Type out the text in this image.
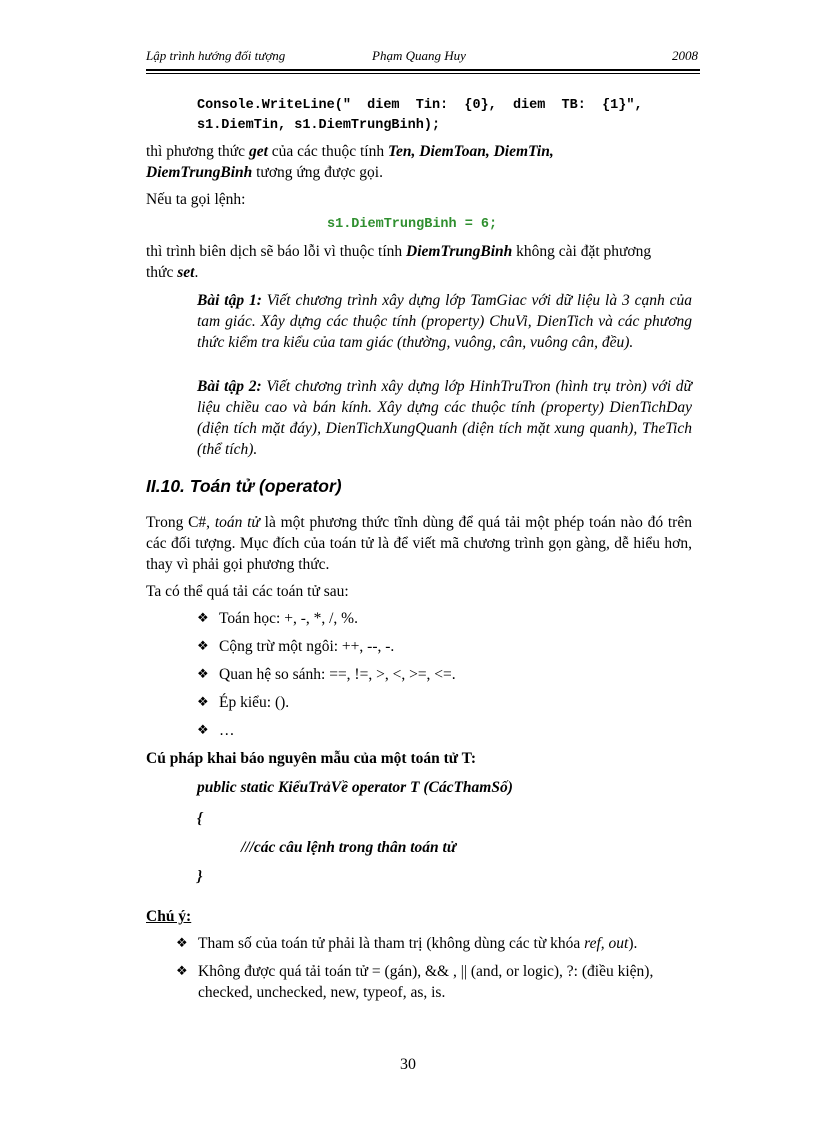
Lập trình hướng đối tượng	Phạm Quang Huy	2008
Console.WriteLine("  diem  Tin:  {0},  diem  TB:  {1}",
s1.DiemTin, s1.DiemTrungBinh);
thì phương thức get của các thuộc tính Ten, DiemToan, DiemTin,
DiemTrungBinh tương ứng được gọi.
Nếu ta gọi lệnh:
s1.DiemTrungBinh = 6;
thì trình biên dịch sẽ báo lỗi vì thuộc tính DiemTrungBinh không cài đặt phương
thức set.
Bài tập 1: Viết chương trình xây dựng lớp TamGiac với dữ liệu là 3 cạnh của tam giác. Xây dựng các thuộc tính (property) ChuVi, DienTich và các phương thức kiểm tra kiểu của tam giác (thường, vuông, cân, vuông cân, đều).
Bài tập 2: Viết chương trình xây dựng lớp HinhTruTron (hình trụ tròn) với dữ liệu chiều cao và bán kính. Xây dựng các thuộc tính (property) DienTichDay (diện tích mặt đáy), DienTichXungQuanh (diện tích mặt xung quanh), TheTich (thể tích).
II.10. Toán tử (operator)
Trong C#, toán tử là một phương thức tĩnh dùng để quá tải một phép toán nào đó trên các đối tượng. Mục đích của toán tử là để viết mã chương trình gọn gàng, dễ hiểu hơn, thay vì phải gọi phương thức.
Ta có thể quá tải các toán tử sau:
❖ Toán học: +, -, *, /, %.
❖ Cộng trừ một ngôi: ++, --, -.
❖ Quan hệ so sánh: ==, !=, >, <, >=, <=.
❖ Ép kiểu: ().
❖ …
Cú pháp khai báo nguyên mẫu của một toán tử T:
public static KiểuTrảVề operator T (CácThamSố)
{
///các câu lệnh trong thân toán tử
}
Chú ý:
❖ Tham số của toán tử phải là tham trị (không dùng các từ khóa ref, out).
❖ Không được quá tải toán tử = (gán), && , || (and, or logic), ?: (điều kiện),
checked, unchecked, new, typeof, as, is.
30
